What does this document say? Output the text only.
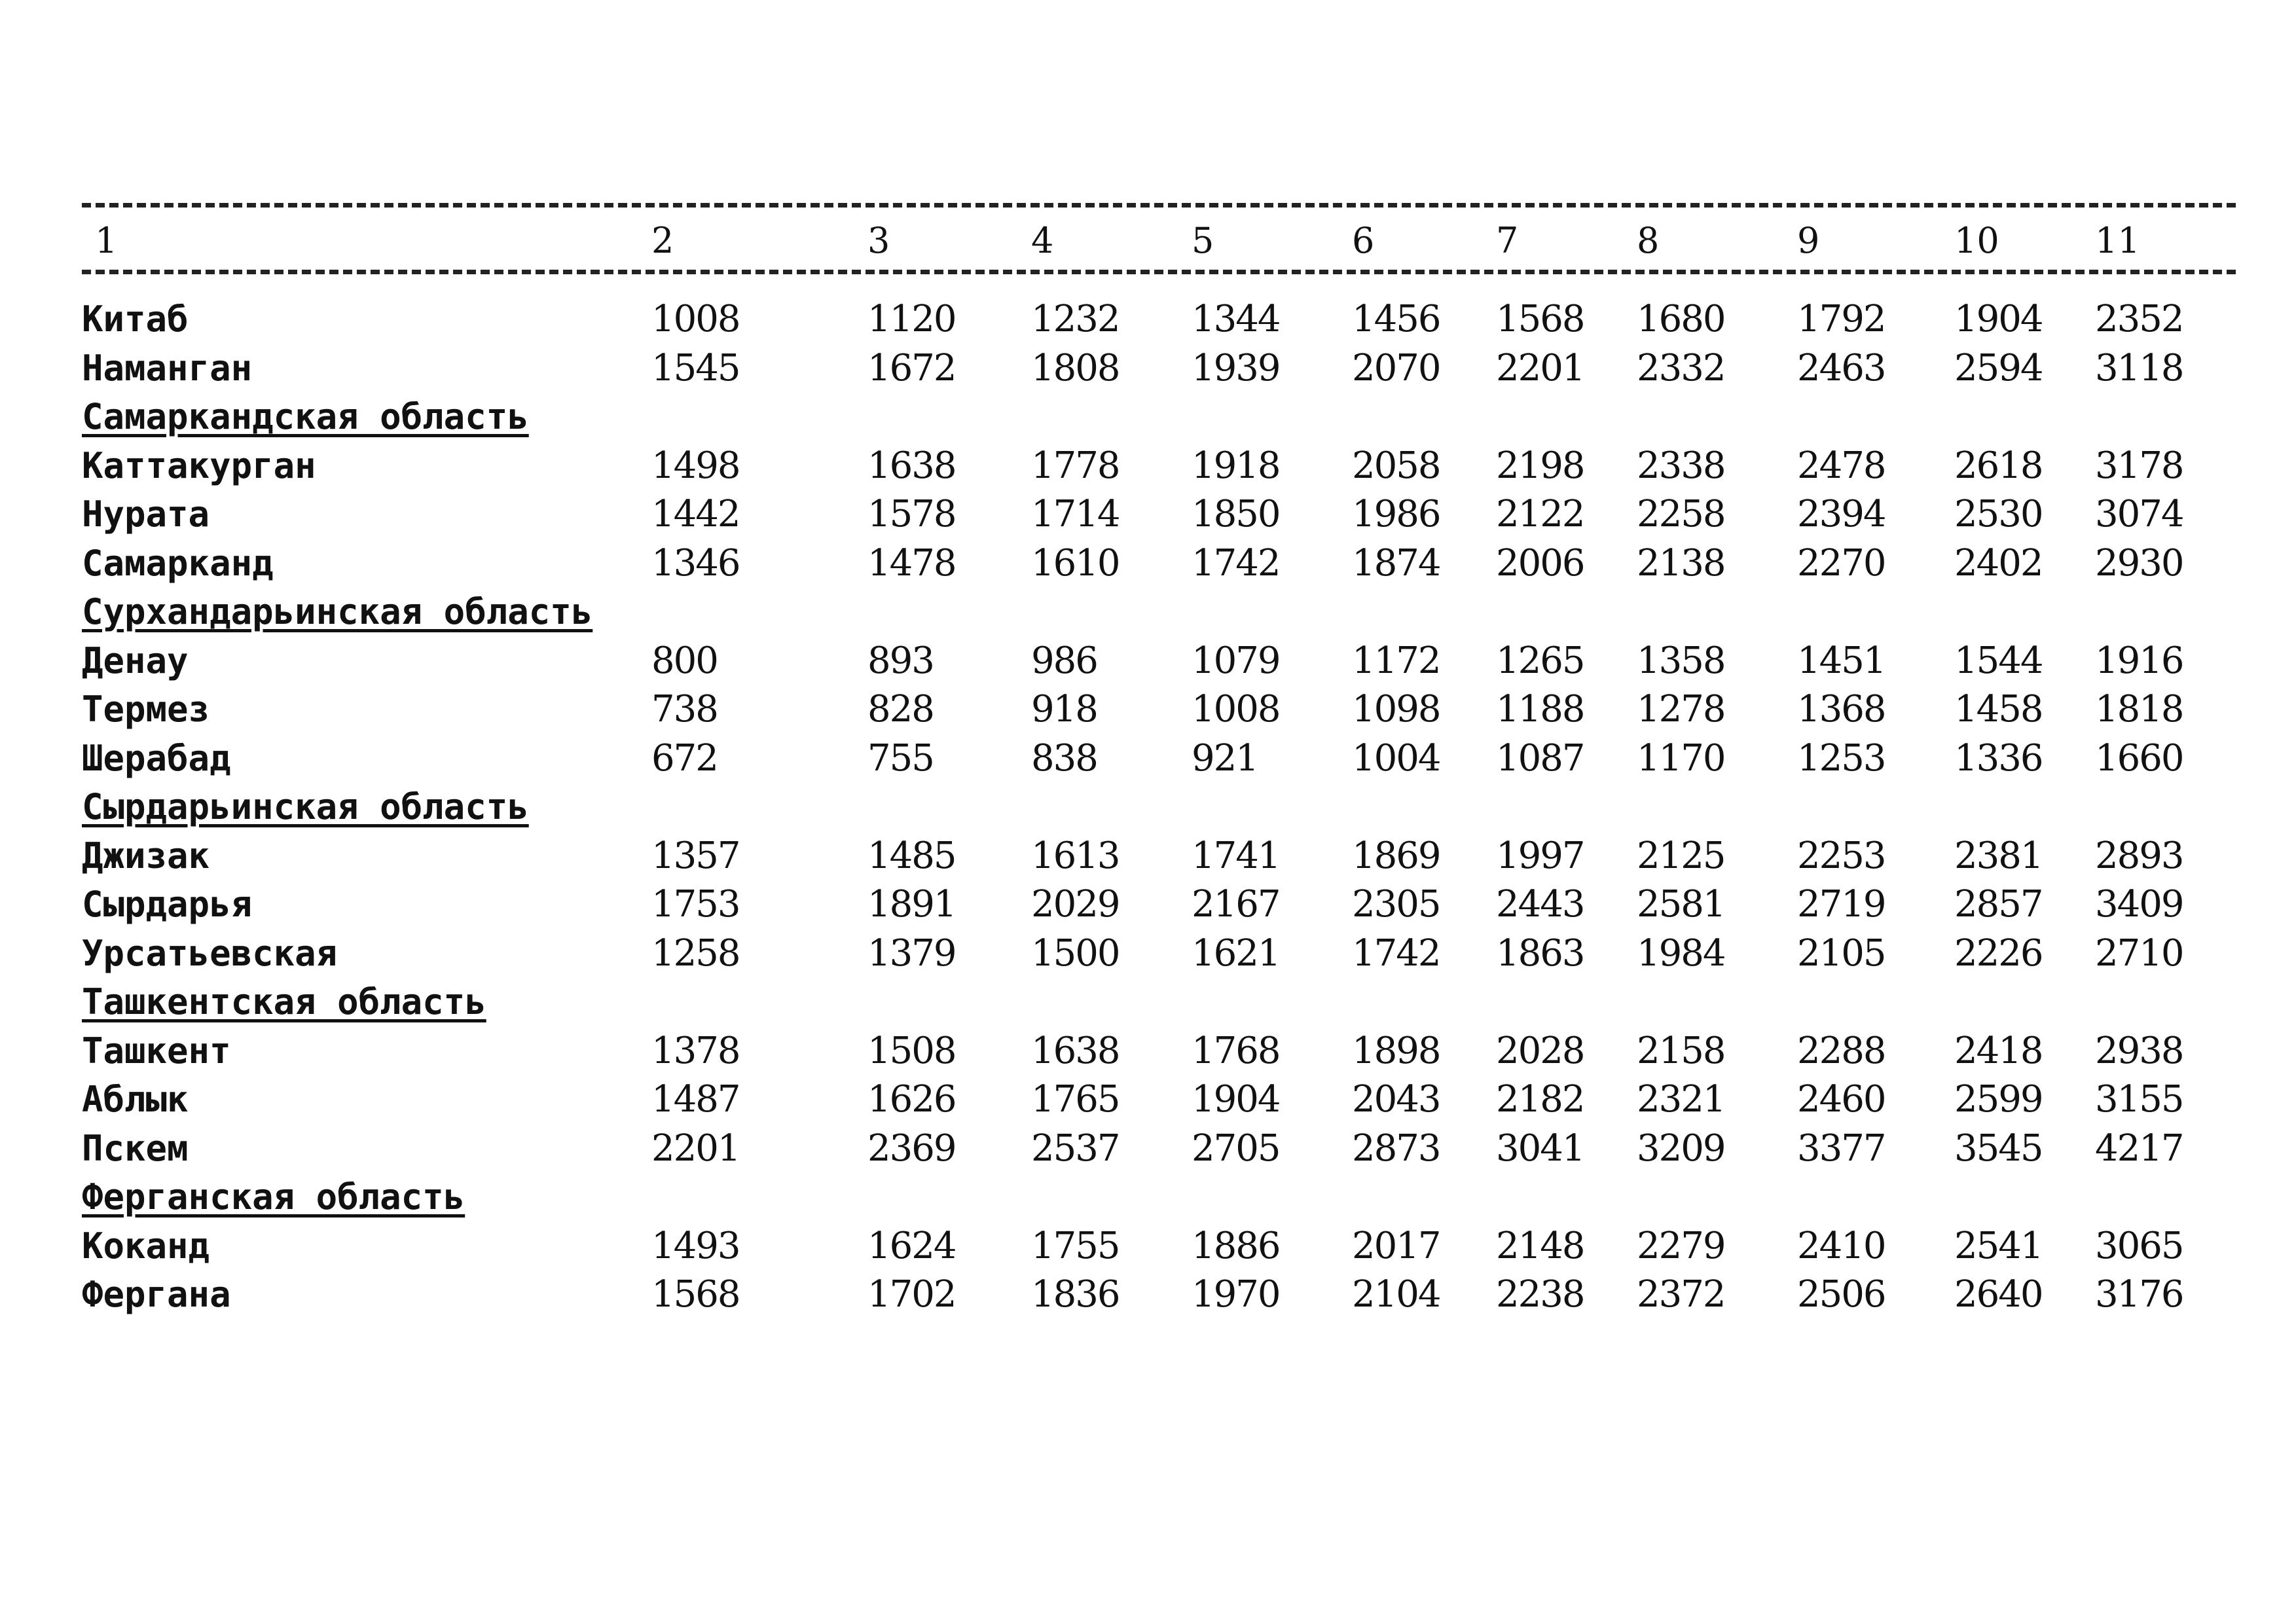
1	2	3	4	5	6	7	8	9	10	11
Китаб	1008	1120 1232 1344 1456 1568 1680 1792 1904 2352
Наманган	1545	1672 1808 1939 2070 2201 2332 2463 2594 3118
Самаркандская область
Каттакурган	1498	1638 1778 1918 2058 2198 2338 2478 2618 3178
Нурата	1442	1578 1714 1850 1986 2122 2258 2394 2530 3074
Самарканд	1346	1478 1610 1742 1874 2006 2138 2270 2402 2930
Сурхандарьинская область
Денау	800	893	986	1079 1172 1265 1358 1451 1544 1916
Термез	738	828	918	1008 1098 1188 1278 1368 1458 1818
Шерабад	672	755	838	921	1004 1087 1170 1253 1336 1660
Сырдарьинская область
Джизак	1357	1485 1613 1741 1869 1997 2125 2253 2381 2893
Сырдарья	1753	1891 2029 2167 2305 2443 2581 2719 2857 3409
Урсатьевская	1258	1379 1500 1621 1742 1863 1984 2105 2226 2710
Ташкентская область
Ташкент	1378	1508 1638 1768 1898 2028 2158 2288 2418 2938
Аблык	1487	1626 1765 1904 2043 2182 2321 2460 2599 3155
Пскем	2201	2369 2537 2705 2873 3041 3209 3377 3545 4217
Ферганская область
Коканд	1493	1624 1755 1886 2017 2148 2279 2410 2541 3065
Фергана	1568	1702 1836 1970 2104 2238 2372 2506 2640 3176
